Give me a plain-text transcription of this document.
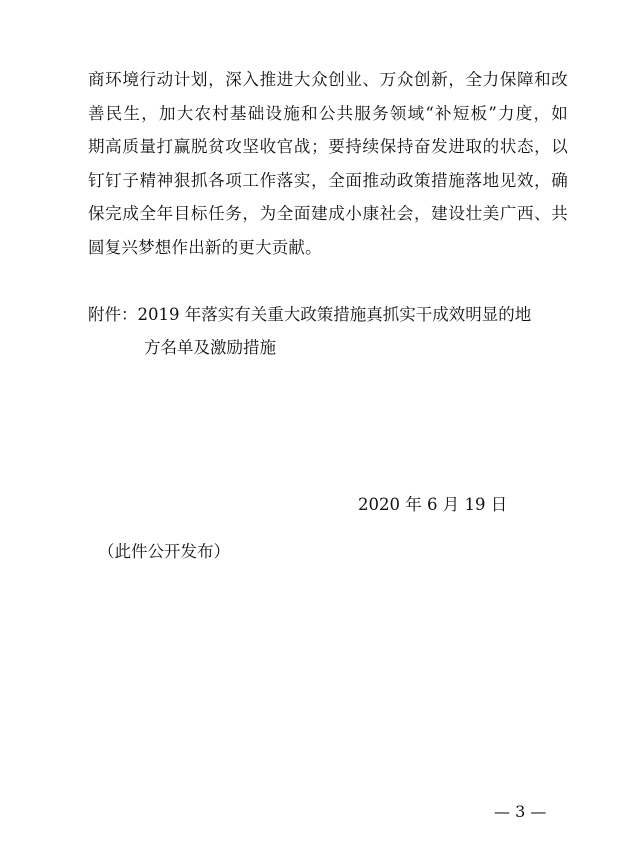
商环境行动计划，深入推进大众创业、万众创新，全力保障和改
善民生，加大农村基础设施和公共服务领域“补短板”力度，如
期高质量打赢脱贫攻坚收官战；要持续保持奋发进取的状态，以
钉钉子精神狠抓各项工作落实，全面推动政策措施落地见效，确
保完成全年目标任务，为全面建成小康社会，建设壮美广西、共
圆复兴梦想作出新的更大贡献。
附件：2019 年落实有关重大政策措施真抓实干成效明显的地
方名单及激励措施
2020 年 6 月 19 日
（此件公开发布）
— 3 —
